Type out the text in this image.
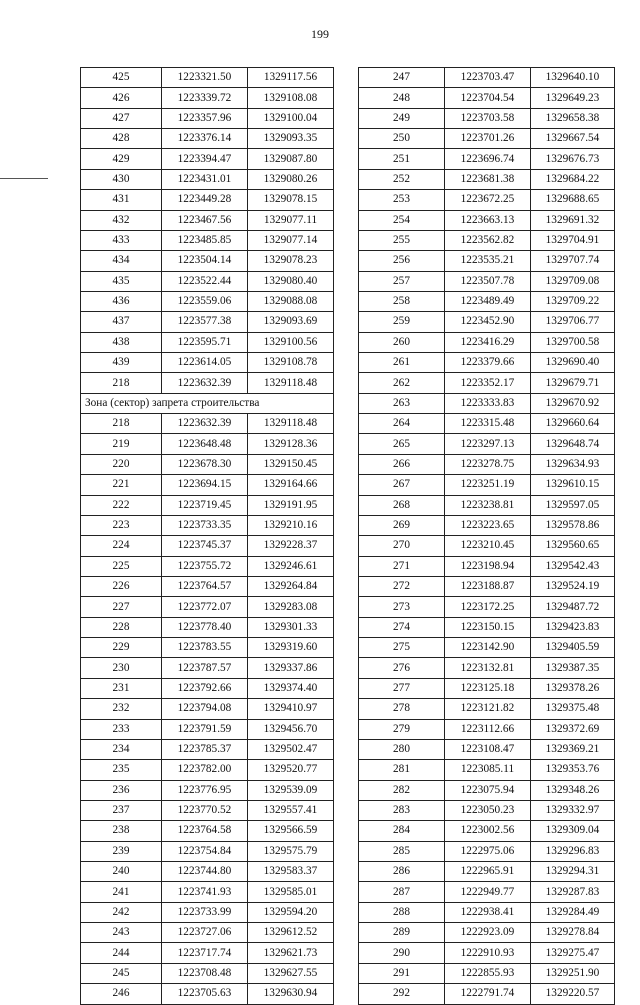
199
425	1223321.50	1329117.56
426	1223339.72	1329108.08
427	1223357.96	1329100.04
428	1223376.14	1329093.35
429	1223394.47	1329087.80
430	1223431.01	1329080.26
431	1223449.28	1329078.15
432	1223467.56	1329077.11
433	1223485.85	1329077.14
434	1223504.14	1329078.23
435	1223522.44	1329080.40
436	1223559.06	1329088.08
437	1223577.38	1329093.69
438	1223595.71	1329100.56
439	1223614.05	1329108.78
218	1223632.39	1329118.48
Зона (сектор) запрета строительства		
218	1223632.39	1329118.48
219	1223648.48	1329128.36
220	1223678.30	1329150.45
221	1223694.15	1329164.66
222	1223719.45	1329191.95
223	1223733.35	1329210.16
224	1223745.37	1329228.37
225	1223755.72	1329246.61
226	1223764.57	1329264.84
227	1223772.07	1329283.08
228	1223778.40	1329301.33
229	1223783.55	1329319.60
230	1223787.57	1329337.86
231	1223792.66	1329374.40
232	1223794.08	1329410.97
233	1223791.59	1329456.70
234	1223785.37	1329502.47
235	1223782.00	1329520.77
236	1223776.95	1329539.09
237	1223770.52	1329557.41
238	1223764.58	1329566.59
239	1223754.84	1329575.79
240	1223744.80	1329583.37
241	1223741.93	1329585.01
242	1223733.99	1329594.20
243	1223727.06	1329612.52
244	1223717.74	1329621.73
245	1223708.48	1329627.55
246	1223705.63	1329630.94
247	1223703.47	1329640.10
248	1223704.54	1329649.23
249	1223703.58	1329658.38
250	1223701.26	1329667.54
251	1223696.74	1329676.73
252	1223681.38	1329684.22
253	1223672.25	1329688.65
254	1223663.13	1329691.32
255	1223562.82	1329704.91
256	1223535.21	1329707.74
257	1223507.78	1329709.08
258	1223489.49	1329709.22
259	1223452.90	1329706.77
260	1223416.29	1329700.58
261	1223379.66	1329690.40
262	1223352.17	1329679.71
263	1223333.83	1329670.92
264	1223315.48	1329660.64
265	1223297.13	1329648.74
266	1223278.75	1329634.93
267	1223251.19	1329610.15
268	1223238.81	1329597.05
269	1223223.65	1329578.86
270	1223210.45	1329560.65
271	1223198.94	1329542.43
272	1223188.87	1329524.19
273	1223172.25	1329487.72
274	1223150.15	1329423.83
275	1223142.90	1329405.59
276	1223132.81	1329387.35
277	1223125.18	1329378.26
278	1223121.82	1329375.48
279	1223112.66	1329372.69
280	1223108.47	1329369.21
281	1223085.11	1329353.76
282	1223075.94	1329348.26
283	1223050.23	1329332.97
284	1223002.56	1329309.04
285	1222975.06	1329296.83
286	1222965.91	1329294.31
287	1222949.77	1329287.83
288	1222938.41	1329284.49
289	1222923.09	1329278.84
290	1222910.93	1329275.47
291	1222855.93	1329251.90
292	1222791.74	1329220.57
